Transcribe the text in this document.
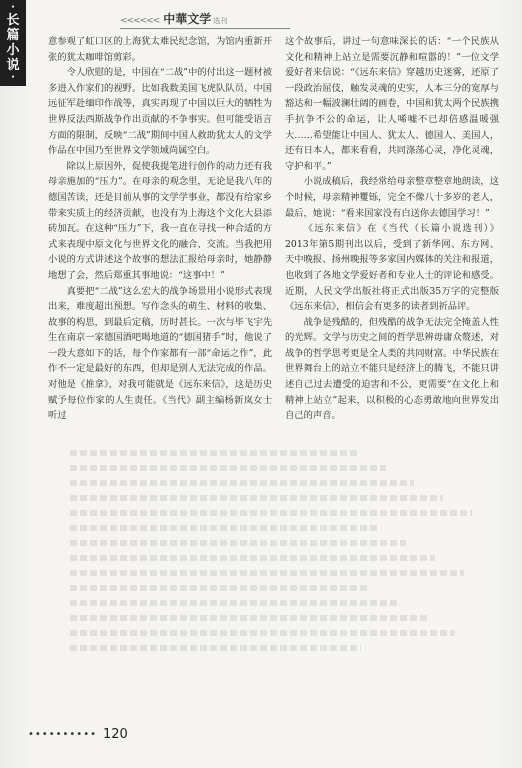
·
长
篇
小
说
·
<<<<<< 中華文学 选刊

意参观了虹口区的上海犹太难民纪念馆，为馆内重新开张的犹太咖啡馆剪彩。

令人欣慰的是，中国在“二战”中的付出这一题材被多进入作家们的视野。比如我数美国飞虎队队员、中国远征军赴缅印作战等，真实再现了中国以巨大的牺牲为世界反法西斯战争作出贡献的不争事实。但可能受语言方面的限制，反映“二战”期间中国人救助犹太人的文学作品在中国乃至世界文学领域尚属空白。

除以上原因外，促使我提笔进行创作的动力还有我母亲施加的“压力”。在母亲的观念里，无论是我八年的德国苦读，还是目前从事的文学学事业，都没有给家乡带来实质上的经济贡献，也没有为上海这个文化大县添砖加瓦。在这种“压力”下，我一直在寻找一种合适的方式来表现中原文化与世界文化的融合、交流。当我把用小说的方式讲述这个故事的想法汇报给母亲时，她静静地想了会，然后郑重其事地说：“这事中！”

真要把“二战”这么宏大的战争场景用小说形式表现出来，难度超出预想。写作念头的萌生、材料的收集、故事的构思，到最后定稿，历时甚长。一次与毕飞宇先生在南京一家德国酒吧喝地道的“德国猪手”时，他说了一段大意如下的话，每个作家都有一部“命运之作”，此作不一定是最好的东西，但却是别人无法完成的作品。对他是《推拿》，对我可能就是《远东来信》，这是历史赋予每位作家的人生责任。《当代》副主编杨新岚女士听过

这个故事后，讲过一句意味深长的话：“一个民族从文化和精神上站立是需要沉静和喧嚣的！”一位文学爱好者来信说：“《远东来信》穿越历史迷雾，还原了一段政治屈伎，触发灵魂的史实，人本三分的宽厚与豁达和一幅波澜壮阔的画卷，中国和犹太两个民族携手抗争不公的命运，让人唏嘘不已却倍感温暖强大……希望能让中国人、犹太人、德国人、美国人，还有日本人，都来看看，共同涤荡心灵，净化灵魂，守护和平。”

小说成稿后，我经常给母亲整章整章地朗读，这个时候，母亲精神矍铄，完全不像八十多岁的老人，最后，她说：“看来国家没有白送你去德国学习！”

《远东来信》在《当代（长篇小说选刊）》2013年第5期刊出以后，受到了新华网、东方网、天中晚报、扬州晚报等多家国内媒体的关注和报道，也收到了各地文学爱好者和专业人士的评论和感受。近期，人民文学出版社将正式出版35万字的完整版《远东来信》，相信会有更多的读者到祈品评。

战争是残酷的，但残酷的战争无法完全掩盖人性的光辉。文学与历史之间的哲学思辨毋庸众赘述，对战争的哲学思考更是全人类的共同财富。中华民族在世界舞台上的站立不能只是经济上的腾飞，不能只讲述自己过去遭受的迫害和不公，更需要“在文化上和精神上站立”起来，以积极的心态勇敢地向世界发出自己的声音。

•••••••••• 120
